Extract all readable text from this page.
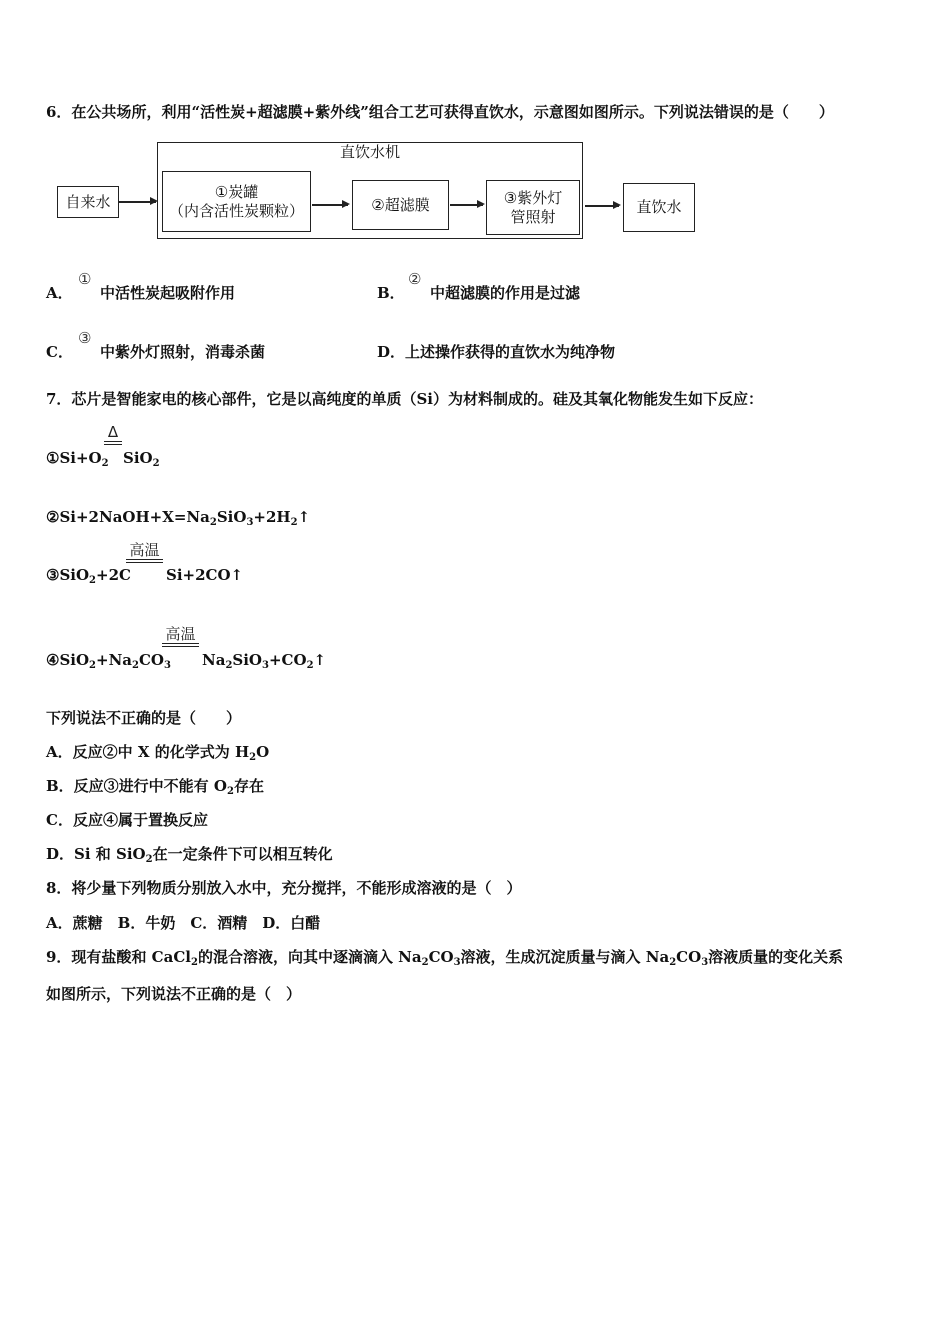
6．在公共场所，利用“活性炭+超滤膜+紫外线”组合工艺可获得直饮水，示意图如图所示。下列说法错误的是（　　）
直饮水机
自来水
①炭罐
（内含活性炭颗粒）	②超滤膜	③紫外灯
管照射
直饮水
A．
①
中活性炭起吸附作用	B．
②
中超滤膜的作用是过滤
C．
③
中紫外灯照射，消毒杀菌	D．上述操作获得的直饮水为纯净物
7．芯片是智能家电的核心部件，它是以高纯度的单质（Si）为材料制成的。硅及其氧化物能发生如下反应：
$①Si+O_2$
Δ
SiO$_2$
$②Si+2NaOH+X=Na_2SiO_3+2H_2↑$
③SiO$_2$+2C
高温
Si+2CO↑
$④SiO_2+Na_2CO_3$
高温
$Na_2SiO_3+CO_2↑$
下列说法不正确的是（　　）
A．反应②中 X 的化学式为 $H_2O$
B．反应③进行中不能有 $O_2$存在
C．反应④属于置换反应
D．Si 和 SiO$_2$在一定条件下可以相互转化
8．将少量下列物质分别放入水中，充分搅拌，不能形成溶液的是（　）
A．蔗糖　B．牛奶　C．酒精　D．白醋
9．现有盐酸和 CaCl$_2$的混合溶液，向其中逐滴滴入 $Na_2CO_3$溶液，生成沉淀质量与滴入 $Na_2CO_3$溶液质量的变化关系
如图所示，下列说法不正确的是（　）
